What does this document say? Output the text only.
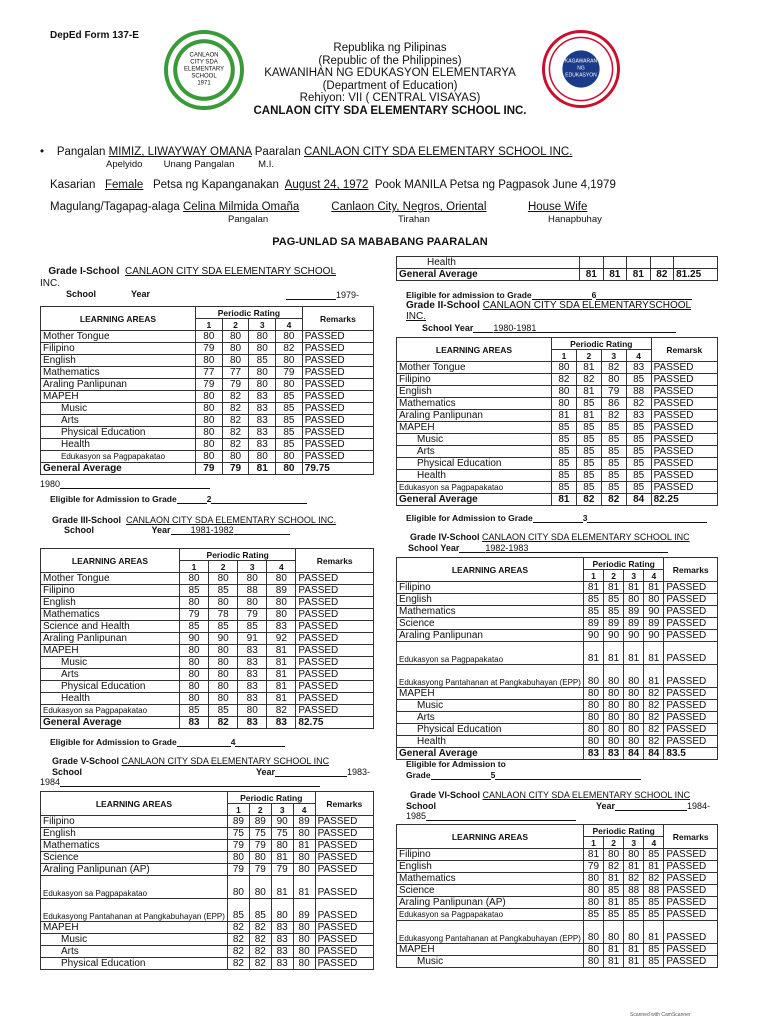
DepEd Form 137-E
CANLAON CITY SDA ELEMENTARY SCHOOL 1971
Republika ng Pilipinas
(Republic of the Philippines)
KAWANIHAN NG EDUKASYON ELEMENTARYA
(Department of Education)
Rehiyon: VII ( CENTRAL VISAYAS)
CANLAON CITY SDA ELEMENTARY SCHOOL INC.
KAGAWARAN NG EDUKASYON
• Pangalan MIMIZ, LIWAYWAY OMANA Paaralan CANLAON CITY SDA ELEMENTARY SCHOOL INC.
Apelyido Unang Pangalan	M.I.
Kasarian Female Petsa ng Kapanganakan August 24, 1972 Pook MANILA Petsa ng Pagpasok June 4,1979
Magulang/Tagapag-alaga Celina Milmida Omaña	Canlaon City, Negros, Oriental	House Wife
Pangalan	Tirahan	Hanapbuhay
PAG-UNLAD SA MABABANG PAARALAN
Grade I-School CANLAON CITY SDA ELEMENTARY SCHOOL
INC.
School	Year	1979-
LEARNING AREAS	Periodic Rating				Remarks
	1	2	3	4	
Mother Tongue	80	80	80	80	PASSED
Filipino	79	80	80	82	PASSED
English	80	80	85	80	PASSED
Mathematics	77	77	80	79	PASSED
Araling Panlipunan	79	79	80	80	PASSED
MAPEH	80	82	83	85	PASSED
Music	80	82	83	85	PASSED
Arts	80	82	83	85	PASSED
Physical Education	80	82	83	85	PASSED
Health	80	82	83	85	PASSED
Edukasyon sa Pagpapakatao	80	80	80	80	PASSED
General Average	79	79	81	80	79.75
1980
Eligible for Admission to Grade	2
Grade III-School CANLAON CITY SDA ELEMENTARY SCHOOL INC.
School	Year 1981-1982
LEARNING AREAS	Periodic Rating				Remarks
	1	2	3	4	
Mother Tongue	80	80	80	80	PASSED
Filipino	85	85	88	89	PASSED
English	80	80	80	80	PASSED
Mathematics	79	78	79	80	PASSED
Science and Health	85	85	85	83	PASSED
Araling Panlipunan	90	90	91	92	PASSED
MAPEH	80	80	83	81	PASSED
Music	80	80	83	81	PASSED
Arts	80	80	83	81	PASSED
Physical Education	80	80	83	81	PASSED
Health	80	80	83	81	PASSED
Edukasyon sa Pagpapakatao	85	85	80	82	PASSED
General Average	83	82	83	83	82.75
Eligible for Admission to Grade	4
Grade V-School CANLAON CITY SDA ELEMENTARY SCHOOL INC
School	Year	1983-
1984
LEARNING AREAS	Periodic Rating				Remarks
	1	2	3	4	
Filipino	89	89	90	89	PASSED
English	75	75	75	80	PASSED
Mathematics	79	79	80	81	PASSED
Science	80	80	81	80	PASSED
Araling Panlipunan (AP)	79	79	79	80	PASSED
Edukasyon sa Pagpapakatao	80	80	81	81	PASSED
Edukasyong Pantahanan at Pangkabuhayan (EPP)	85	85	80	89	PASSED
MAPEH	82	82	83	80	PASSED
Music	82	82	83	80	PASSED
Arts	82	82	83	80	PASSED
Physical Education	82	82	83	80	PASSED
Health					
General Average	81	81	81	82	81.25
Eligible for admission to Grade	6
Grade II-School CANLAON CITY SDA ELEMENTARYSCHOOL
INC.
School Year 1980-1981
LEARNING AREAS	Periodic Rating				Remarsk
	1	2	3	4	
Mother Tongue	80	81	82	83	PASSED
Filipino	82	82	80	85	PASSED
English	80	81	79	88	PASSED
Mathematics	80	85	86	82	PASSED
Araling Panlipunan	81	81	82	83	PASSED
MAPEH	85	85	85	85	PASSED
Music	85	85	85	85	PASSED
Arts	85	85	85	85	PASSED
Physical Education	85	85	85	85	PASSED
Health	85	85	85	85	PASSED
Edukasyon sa Pagpapakatao	85	85	85	85	PASSED
General Average	81	82	82	84	82.25
Eligible for Admission to Grade	3
Grade IV-School CANLAON CITY SDA ELEMENTARY SCHOOL INC
School Year	1982-1983
LEARNING AREAS	Periodic Rating				Remarks
	1	2	3	4	
Filipino	81	81	81	81	PASSED
English	85	85	80	80	PASSED
Mathematics	85	85	89	90	PASSED
Science	89	89	89	89	PASSED
Araling Panlipunan	90	90	90	90	PASSED
Edukasyon sa Pagpapakatao	81	81	81	81	PASSED
Edukasyong Pantahanan at Pangkabuhayan (EPP)	80	80	80	81	PASSED
MAPEH	80	80	80	82	PASSED
Music	80	80	80	82	PASSED
Arts	80	80	80	82	PASSED
Physical Education	80	80	80	82	PASSED
Health	80	80	80	82	PASSED
General Average	83	83	84	84	83.5
Eligible for Admission to
Grade	5
Grade VI-School CANLAON CITY SDA ELEMENTARY SCHOOL INC
School	Year	1984-
1985
LEARNING AREAS	Periodic Rating				Remarks
	1	2	3	4	
Filipino	81	80	80	85	PASSED
English	79	82	81	81	PASSED
Mathematics	80	81	82	82	PASSED
Science	80	85	88	88	PASSED
Araling Panlipunan (AP)	80	81	85	85	PASSED
Edukasyon sa Pagpapakatao	85	85	85	85	PASSED
Edukasyong Pantahanan at Pangkabuhayan (EPP)	80	80	80	81	PASSED
MAPEH	80	81	81	85	PASSED
Music	80	81	81	85	PASSED
Scanned with CamScanner
